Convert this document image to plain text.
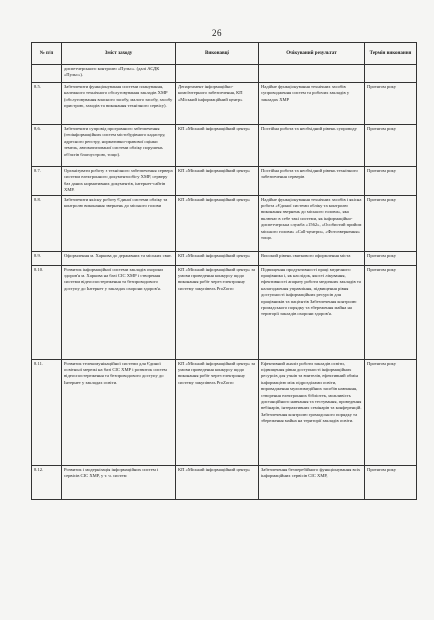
26
№ п/п	Зміст заходу	Виконавці	Очікуваний результат	Термін виконання
	диспетчерського контролю «Пульс». (далі АСДК «Пульс»).			
8.5.	Забезпечити функціонування системи планування, належного технічного обслуговування закладів ХМР (обслуговування власного засобу, малого засобу, засобу пристрою, заходів та виконання технічного сервісу).	Департамент інформаційно-комп'ютерного забезпечення, КП «Міський інформаційний центр»	Надійне функціонування технічних засобів супроводження систем та робочих закладів у закладах ХМР	Протягом року
8.6.	Забезпечити супровід програмного забезпечення (геоінформаційних систем містобудівного кадастру, адресного реєстру, нормативно-правової оцінки земель, автоматизованої системи обліку порушень об'єктів благоустрою, тощо).	КП «Міський інформаційний центр»	Постійна робота та необхідний рівень супроводу	Протягом року
8.7.	Організувати роботу з технічного забезпечення сервера системи електронного документообігу ХМР, серверу баз даних нормативних документів, інтернет-сайтів ХМР.	КП «Міський інформаційний центр»	Постійна робота та необхідний рівень технічного забезпечення серверів	Протягом року
8.8.	Забезпечити якісну роботу Єдиної системи обліку та контролю виконання звернень до міського голови	КП «Міський інформаційний центр»	Надійне функціонування технічних засобів і якісна робота «Єдиної системи обліку та контролю виконання звернень до міського голови», яка включає в себе такі системи, як інформаційно-диспетчерська служба «1562», «Особистий прийом міського голови» «Call-центри», «Фотозвернення» тощо.	Протягом року
8.9.	Оформлення м. Харкова до державних та міських свят.	КП «Міський інформаційний центр»	Високий рівень святкового оформлення міста	Протягом року
8.10.	Розвиток інформаційної системи закладів охорони здоров'я м. Харкова на базі СІС ХМР і створення системи відеоспостереження та безпроводового доступу до Інтернет у закладах охорони здоров'я.	КП «Міський інформаційний центр» за умови проведення конкурсу щодо виконання робіт через електронну систему закупівель ProZorro	Підвищення продуктивності праці медичного працівника і, як наслідок, якості лікування, ефективності апарату роботи медичних закладів та налагодження управління, підвищення рівня доступності інформаційних ресурсів для працівників та пацієнтів Забезпечення контролю громадського порядку та збереження майна на території закладів охорони здоров'я.	Протягом року
8.11.	Розвиток телекомунікаційної системи для Єдиної освітньої мережі на базі СІС ХМР і розвиток систем відеоспостереження та безпроводового доступу до Інтернет у закладах освіти.	КП «Міський інформаційний центр» за умови проведення конкурсу щодо виконання робіт через електронну систему закупівель ProZorro	Ефективний аналіз роботи закладів освіти, підвищення рівня доступності інформаційних ресурсів для учнів та вчителів, ефективний обмін інформацією між підрозділами освіти, впровадження мультимедійних засобів навчання, створення електронних бібліотек, можливість дистанційного навчання та тестування, проведення вебінарів, інтерактивних семінарів та конференцій. Забезпечення контролю громадського порядку та збереження майна на території закладів освіти.	Протягом року
8.12.	Розвиток і модернізація інформаційних систем і сервісів СІС ХМР, у т. ч. систем	КП «Міський інформаційний центр»	Забезпечення безперебійного функціонування всіх інформаційних сервісів СІС ХМР,	Протягом року
